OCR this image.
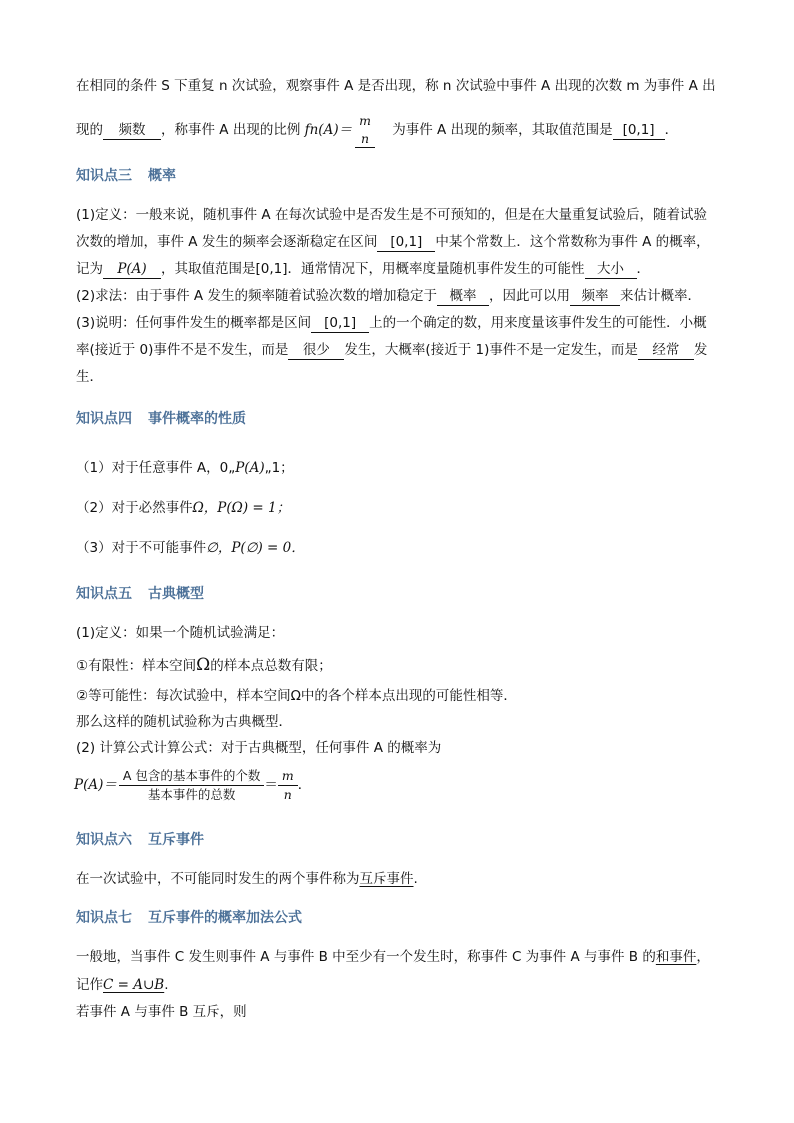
在相同的条件 S 下重复 n 次试验，观察事件 A 是否出现，称 n 次试验中事件 A 出现的次数 m 为事件 A 出
现的 频数 ，称事件 A 出现的比例 fn(A)＝
m
n	为事件 A 出现的频率，其取值范围是 [0,1] ．
知识点三 概率
(1)定义：一般来说，随机事件 A 在每次试验中是否发生是不可预知的，但是在大量重复试验后，随着试验
次数的增加，事件 A 发生的频率会逐渐稳定在区间 [0,1] 中某个常数上．这个常数称为事件 A 的概率，
记为 P(A) ，其取值范围是[0,1]．通常情况下，用概率度量随机事件发生的可能性 大小 ．
(2)求法：由于事件 A 发生的频率随着试验次数的增加稳定于 概率 ，因此可以用 频率 来估计概率．
(3)说明：任何事件发生的概率都是区间 [0,1] 上的一个确定的数，用来度量该事件发生的可能性．小概
率(接近于 0)事件不是不发生，而是 很少 发生，大概率(接近于 1)事件不是一定发生，而是 经常 发
生．
知识点四 事件概率的性质
（1）对于任意事件 A，0„P(A)„1；
（2）对于必然事件Ω，P(Ω) = 1；
（3）对于不可能事件∅，P(∅) = 0．
知识点五 古典概型
(1)定义：如果一个随机试验满足：
①有限性：样本空间Ω的样本点总数有限；
②等可能性：每次试验中，样本空间Ω中的各个样本点出现的可能性相等．
那么这样的随机试验称为古典概型．
(2) 计算公式计算公式：对于古典概型，任何事件 A 的概率为
$P(A)= \frac{\text{A 包含的基本事件的个数}}{\text{基本事件的总数}} = \frac{m}{n}$ ．
知识点六 互斥事件
在一次试验中，不可能同时发生的两个事件称为互斥事件.
知识点七 互斥事件的概率加法公式
一般地，当事件 C 发生则事件 A 与事件 B 中至少有一个发生时，称事件 C 为事件 A 与事件 B 的和事件，
记作C = A∪B.
若事件 A 与事件 B 互斥，则
